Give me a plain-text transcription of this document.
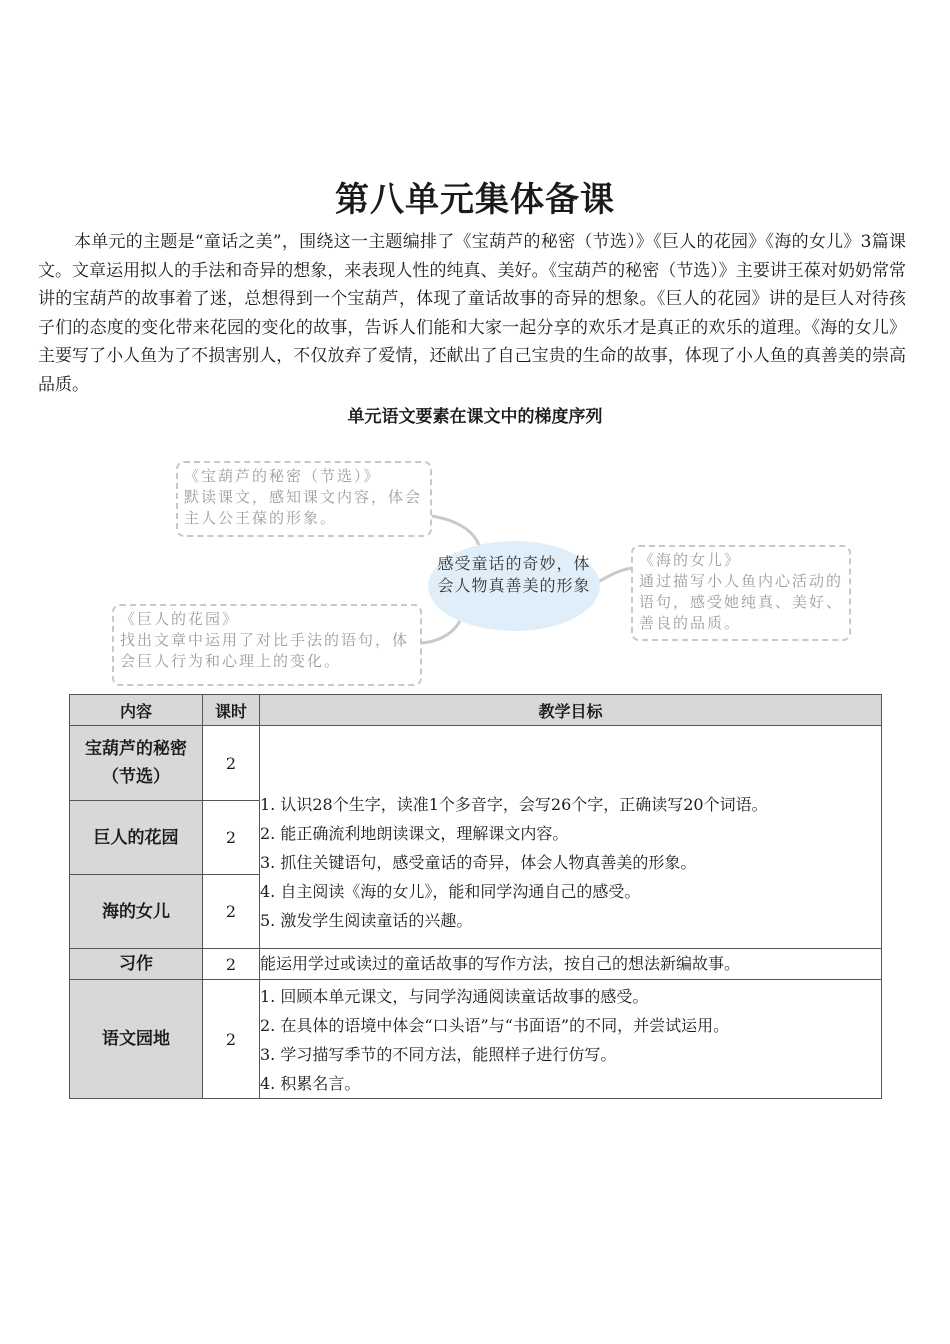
第八单元集体备课
本单元的主题是“童话之美”，围绕这一主题编排了《宝葫芦的秘密（节选）》《巨人的花园》《海的女儿》3篇课文。文章运用拟人的手法和奇异的想象，来表现人性的纯真、美好。《宝葫芦的秘密（节选）》主要讲王葆对奶奶常常讲的宝葫芦的故事着了迷，总想得到一个宝葫芦，体现了童话故事的奇异的想象。《巨人的花园》讲的是巨人对待孩子们的态度的变化带来花园的变化的故事，告诉人们能和大家一起分享的欢乐才是真正的欢乐的道理。《海的女儿》主要写了小人鱼为了不损害别人，不仅放弃了爱情，还献出了自己宝贵的生命的故事，体现了小人鱼的真善美的崇高品质。
单元语文要素在课文中的梯度序列
《宝葫芦的秘密（节选）》
默读课文，感知课文内容，体会主人公王葆的形象。
《巨人的花园》
找出文章中运用了对比手法的语句，体会巨人行为和心理上的变化。
《海的女儿》
通过描写小人鱼内心活动的语句，感受她纯真、美好、善良的品质。
感受童话的奇妙，体会人物真善美的形象
内容	课时	教学目标
宝葫芦的秘密（节选）	2	1. 认识28个生字，读准1个多音字，会写26个字，正确读写20个词语。
2. 能正确流利地朗读课文，理解课文内容。
3. 抓住关键语句，感受童话的奇异，体会人物真善美的形象。
4. 自主阅读《海的女儿》，能和同学沟通自己的感受。
5. 激发学生阅读童话的兴趣。

巨人的花园	2	
海的女儿	2	
习作	2	能运用学过或读过的童话故事的写作方法，按自己的想法新编故事。
语文园地	2	1. 回顾本单元课文，与同学沟通阅读童话故事的感受。
2. 在具体的语境中体会“口头语”与“书面语”的不同，并尝试运用。
3. 学习描写季节的不同方法，能照样子进行仿写。
4. 积累名言。
